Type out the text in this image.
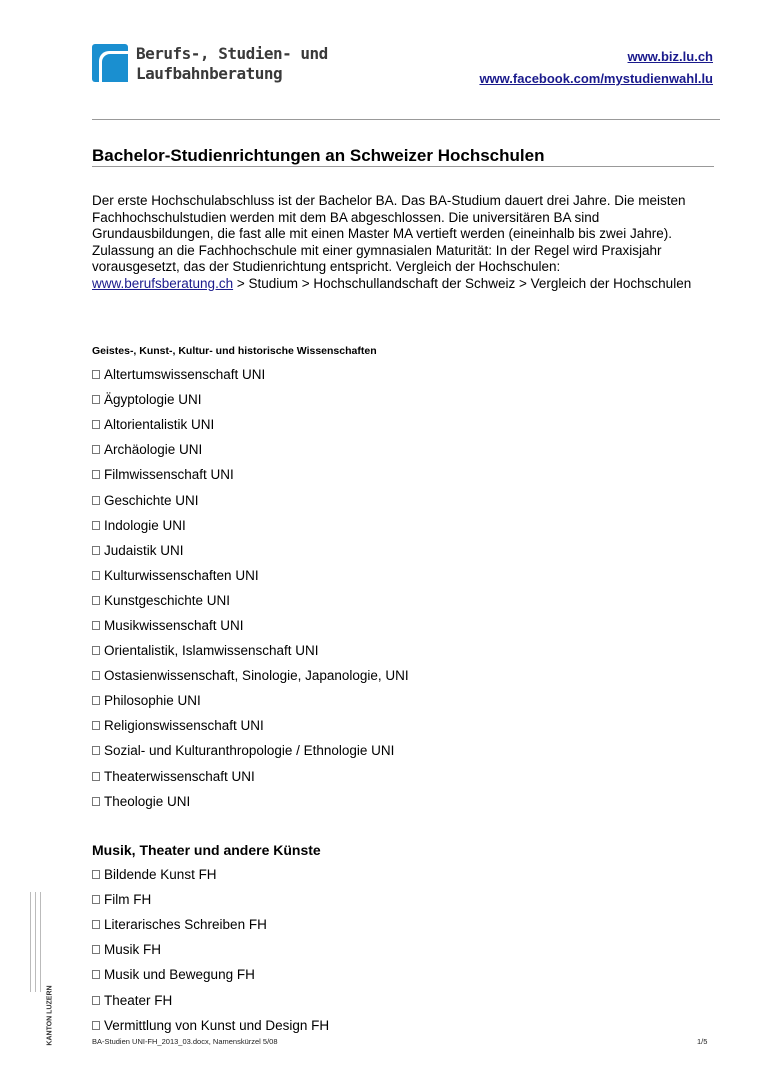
Berufs-, Studien- und
Laufbahnberatung
www.biz.lu.ch
www.facebook.com/mystudienwahl.lu
Bachelor-Studienrichtungen an Schweizer Hochschulen
Der erste Hochschulabschluss ist der Bachelor BA. Das BA-Studium dauert drei Jahre. Die meisten Fachhochschulstudien werden mit dem BA abgeschlossen. Die universitären BA sind Grundausbildungen, die fast alle mit einen Master MA vertieft werden (eineinhalb bis zwei Jahre). Zulassung an die Fachhochschule mit einer gymnasialen Maturität: In der Regel wird Praxisjahr vorausgesetzt, das der Studienrichtung entspricht. Vergleich der Hochschulen:
www.berufsberatung.ch > Studium > Hochschullandschaft der Schweiz > Vergleich der Hochschulen
Geistes-, Kunst-, Kultur- und historische Wissenschaften
Altertumswissenschaft UNI
Ägyptologie UNI
Altorientalistik UNI
Archäologie UNI
Filmwissenschaft UNI
Geschichte UNI
Indologie UNI
Judaistik UNI
Kulturwissenschaften UNI
Kunstgeschichte UNI
Musikwissenschaft UNI
Orientalistik, Islamwissenschaft UNI
Ostasienwissenschaft, Sinologie, Japanologie, UNI
Philosophie UNI
Religionswissenschaft UNI
Sozial- und Kulturanthropologie / Ethnologie UNI
Theaterwissenschaft UNI
Theologie UNI
Musik, Theater und andere Künste
Bildende Kunst FH
Film FH
Literarisches Schreiben FH
Musik FH
Musik und Bewegung FH
Theater FH
Vermittlung von Kunst und Design FH
KANTON LUZERN	BA-Studien UNI-FH_2013_03.docx, Namenskürzel 5/08	1/5
